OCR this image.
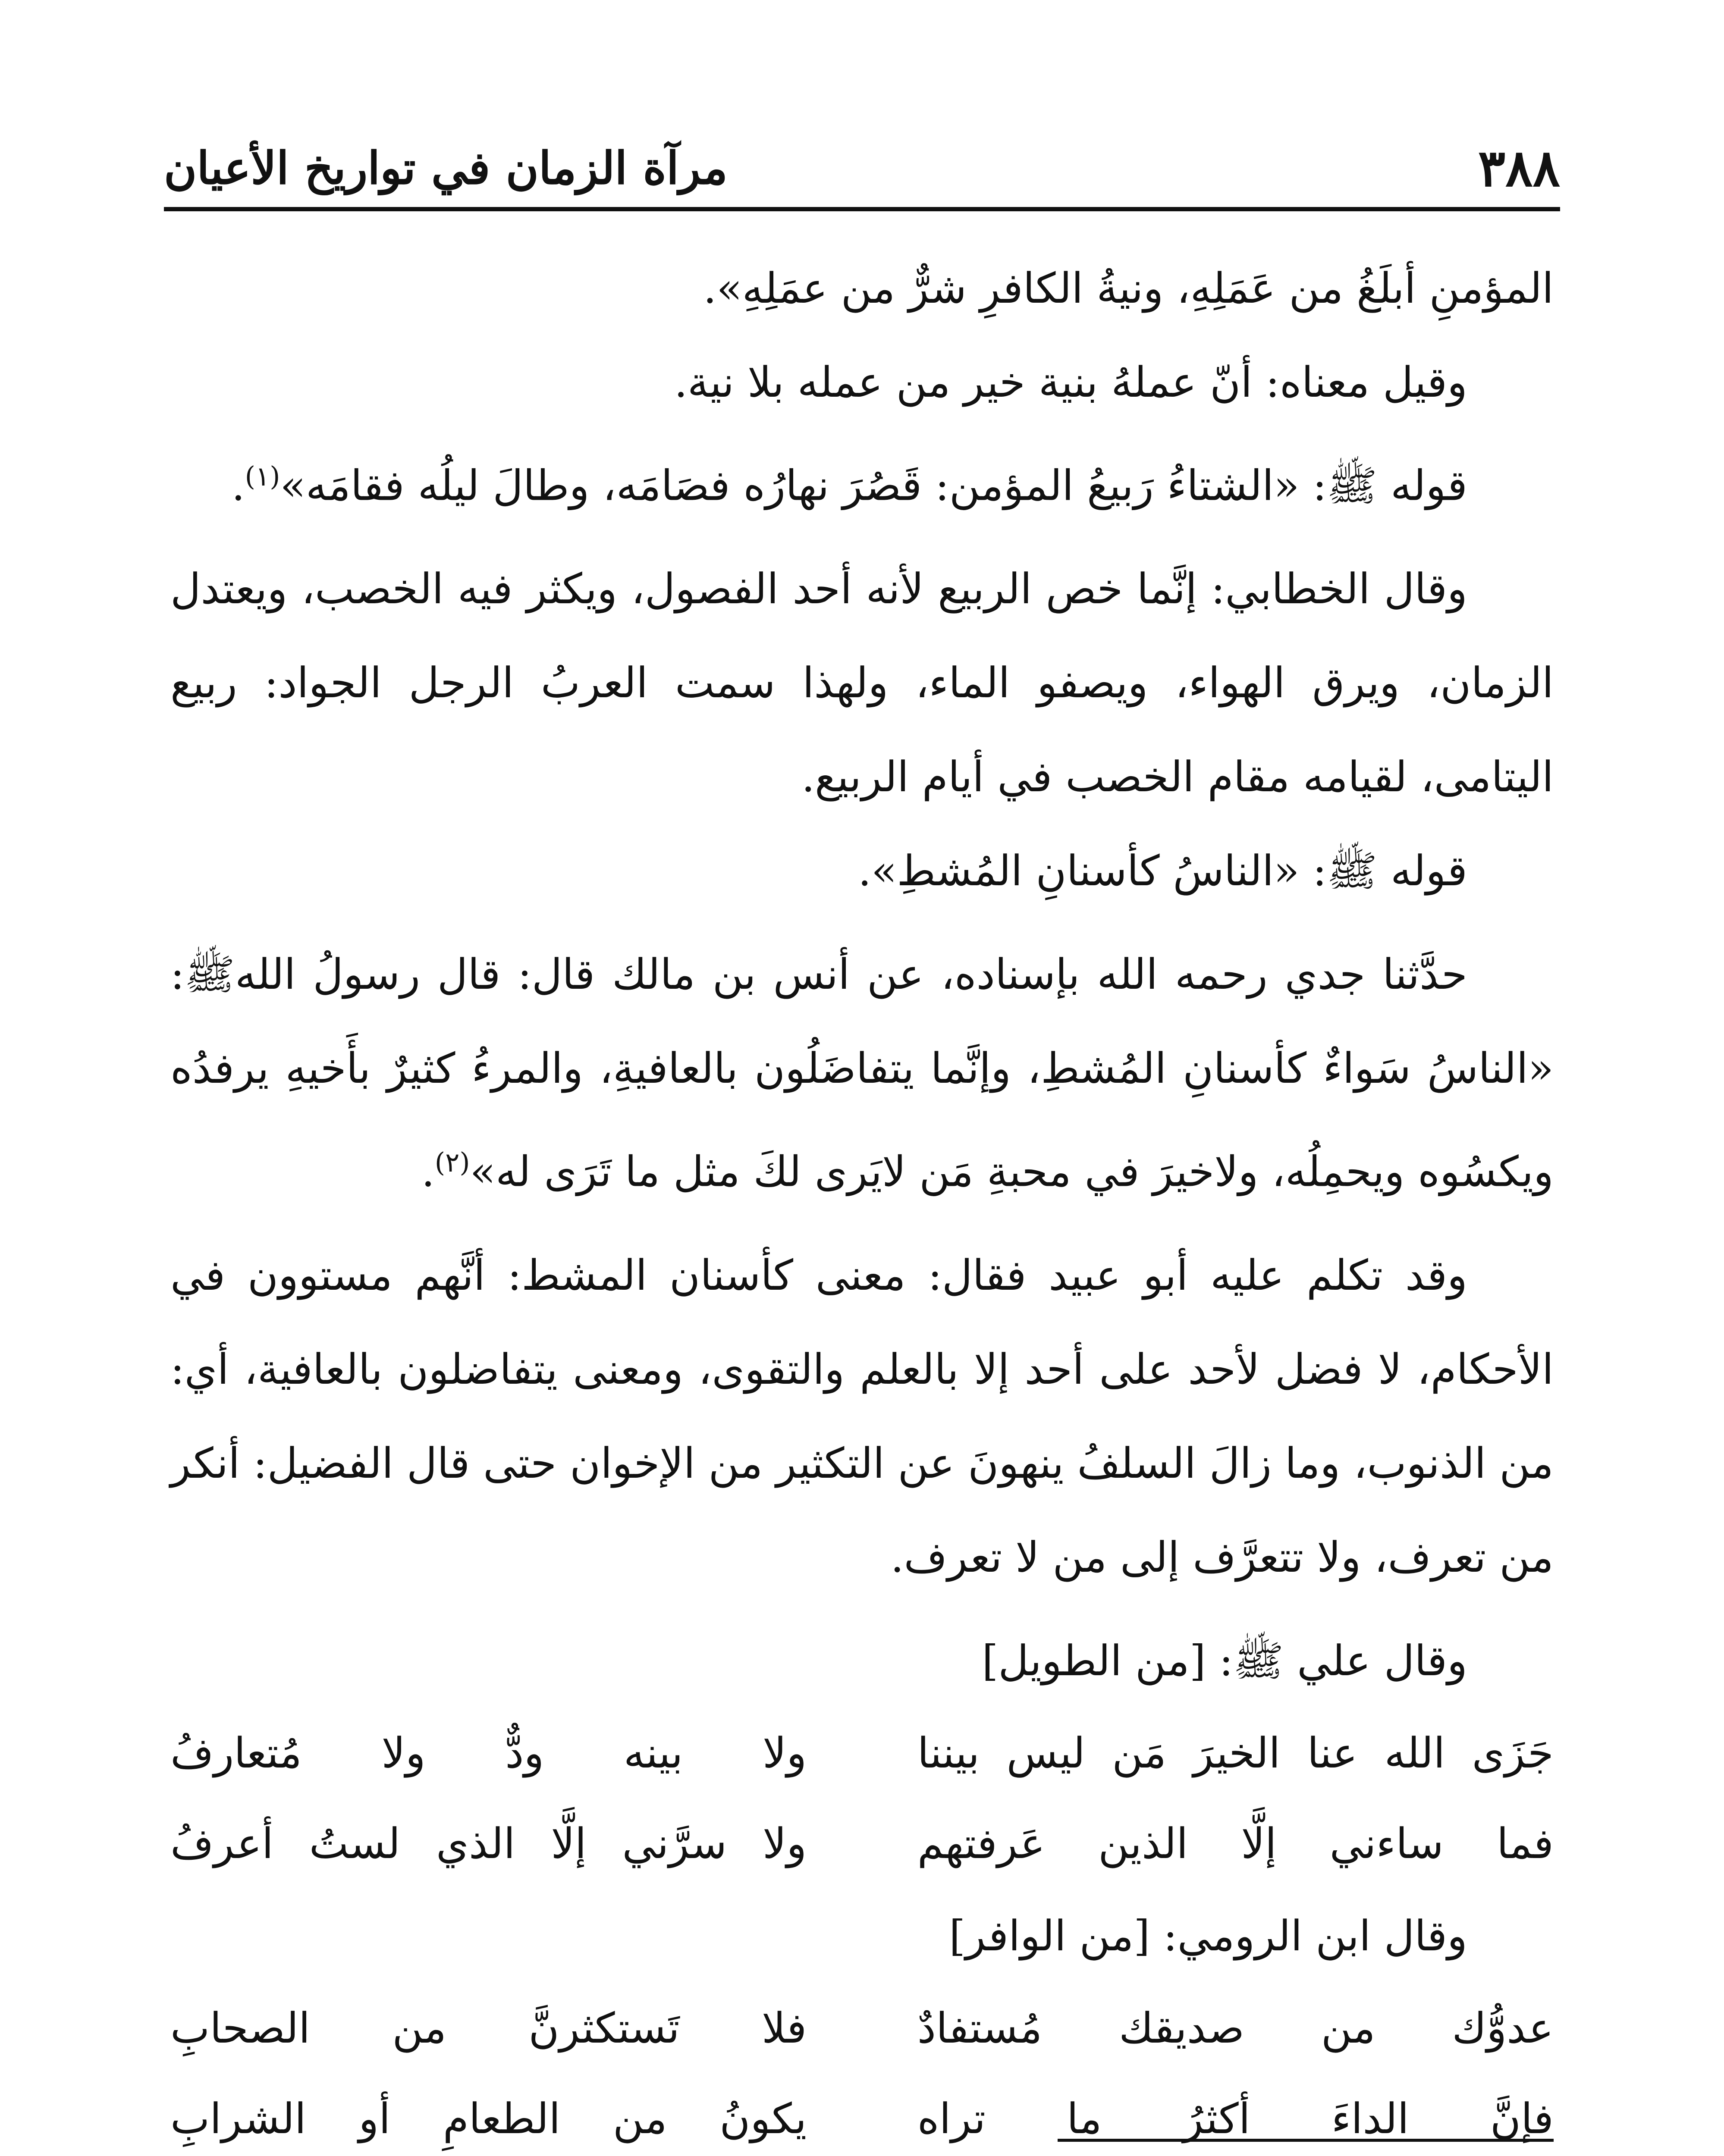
٣٨٨
مرآة الزمان في تواريخ الأعيان

المؤمنِ أبلَغُ من عَمَلِهِ، ونيةُ الكافرِ شرٌّ من عمَلِهِ».

وقيل معناه: أنّ عملهُ بنية خير من عمله بلا نية.

قوله ﷺ: «الشتاءُ رَبيعُ المؤمن: قَصُرَ نهارُه فصَامَه، وطالَ ليلُه فقامَه»$^{(١)}$.

وقال الخطابي: إنَّما خص الربيع لأنه أحد الفصول، ويكثر فيه الخصب، ويعتدل الزمان، ويرق الهواء، ويصفو الماء، ولهذا سمت العربُ الرجل الجواد: ربيع اليتامى، لقيامه مقام الخصب في أيام الربيع.

قوله ﷺ: «الناسُ كأسنانِ المُشطِ».

حدَّثنا جدي رحمه الله بإسناده، عن أنس بن مالك قال: قال رسولُ اللهﷺ: «الناسُ سَواءٌ كأسنانِ المُشطِ، وإنَّما يتفاضَلُون بالعافيةِ، والمرءُ كثيرٌ بأَخيهِ يرفدُه ويكسُوه ويحمِلُه، ولاخيرَ في محبةِ مَن لايَرى لكَ مثل ما تَرَى له»$^{(٢)}$.

وقد تكلم عليه أبو عبيد فقال: معنى كأسنان المشط: أنَّهم مستوون في الأحكام، لا فضل لأحد على أحد إلا بالعلم والتقوى، ومعنى يتفاضلون بالعافية، أي: من الذنوب، وما زالَ السلفُ ينهونَ عن التكثير من الإخوان حتى قال الفضيل: أنكر من تعرف، ولا تتعرَّف إلى من لا تعرف.

وقال علي ﷺ: [من الطويل]

جَزَى الله عنا الخيرَ مَن ليس بيننا
ولا بينه ودٌّ ولا مُتعارفُ
فما ساءني إلَّا الذين عَرفتهم
ولا سرَّني إلَّا الذي لستُ أعرفُ

وقال ابن الرومي: [من الوافر]

عدوُّك من صديقك مُستفادٌ
فلا تَستكثرنَّ من الصحابِ
فإنَّ الداءَ أكثرُ ما تراه
يكونُ من الطعامِ أو الشرابِ
